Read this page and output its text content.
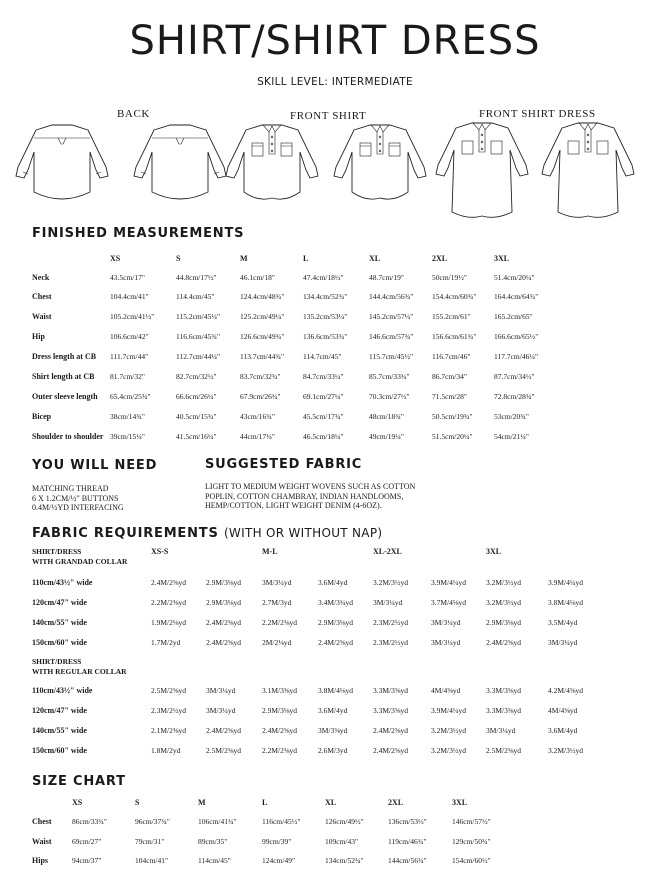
SHIRT/SHIRT DRESS
SKILL LEVEL: INTERMEDIATE
BACK	FRONT SHIRT	FRONT SHIRT DRESS
FINISHED MEASUREMENTS
XS	S	M	L	XL	2XL	3XL
Neck	43.5cm/17"	44.8cm/17½"	46.1cm/18"	47.4cm/18½"	48.7cm/19"	50cm/19½"	51.4cm/20¼"
Chest	104.4cm/41"	114.4cm/45"	124.4cm/48¾" 134.4cm/52¾"	144.4cm/56¾" 154.4cm/60¾" 164.4cm/64¾"
Waist	105.2cm/41½"	115.2cm/45¼"	125.2cm/49¼" 135.2cm/53¼"	145.2cm/57¼" 155.2cm/61"	165.2cm/65"
Hip	106.6cm/42"	116.6cm/45¾"	126.6cm/49¾" 136.6cm/53¾"	146.6cm/57¾" 156.6cm/61¾" 166.6cm/65½"
Dress length at CB 111.7cm/44"	112.7cm/44¼"	113.7cm/44¾"	114.7cm/45"	115.7cm/45½"	116.7cm/46"	117.7cm/46¼"
Shirt length at CB 81.7cm/32"	82.7cm/32½"	83.7cm/32¾"	84.7cm/33¼"	85.7cm/33¾"	86.7cm/34"	87.7cm/34½"
Outer sleeve length 65.4cm/25¾"	66.6cm/26¼"	67.9cm/26¾"	69.1cm/27¼"	70.3cm/27½"	71.5cm/28"	72.8cm/28¾"
Bicep	38cm/14¾"	40.5cm/15¾"	43cm/16¾"	45.5cm/17¾"	48cm/18¾"	50.5cm/19¾"	53cm/20¾"
Shoulder to shoulder 39cm/15¼"	41.5cm/16¼"	44cm/17¼"	46.5cm/18¼"	49cm/19¼"	51.5cm/20¼"	54cm/21¼"
YOU WILL NEED
MATCHING THREAD
6 X 1.2CM/½" BUTTONS
0.4M/½YD INTERFACING
SUGGESTED FABRIC
LIGHT TO MEDIUM WEIGHT WOVENS SUCH AS COTTON
POPLIN, COTTON CHAMBRAY, INDIAN HANDLOOMS,
HEMP/COTTON, LIGHT WEIGHT DENIM (4-6OZ).
FABRIC REQUIREMENTS (WITH OR WITHOUT NAP)
XS-S	M-L	XL-2XL	3XL
SHIRT/DRESS
WITH GRANDAD COLLAR
110cm/43½" wide	2.4M/2⅝yd	2.9M/3⅛yd	3M/3¼yd	3.6M/4yd	3.2M/3½yd	3.9M/4¼yd	3.2M/3½yd	3.9M/4¼yd
120cm/47" wide	2.2M/2⅜yd	2.9M/3⅛yd	2.7M/3yd	3.4M/3¾yd	3M/3¼yd	3.7M/4⅛yd	3.2M/3½yd	3.8M/4⅛yd
140cm/55" wide	1.9M/2⅛yd	2.4M/2⅝yd	2.2M/2⅜yd	2.9M/3⅛yd	2.3M/2½yd	3M/3¼yd	2.9M/3⅛yd	3.5M/4yd
150cm/60" wide	1.7M/2yd	2.4M/2⅝yd	2M/2⅛yd	2.4M/2⅝yd	2.3M/2½yd	3M/3¼yd	2.4M/2⅝yd	3M/3¼yd
SHIRT/DRESS
WITH REGULAR COLLAR
110cm/43½" wide	2.5M/2⅝yd	3M/3¼yd	3.1M/3⅜yd	3.8M/4⅛yd	3.3M/3⅝yd	4M/4⅜yd	3.3M/3⅝yd	4.2M/4⅝yd
120cm/47" wide	2.3M/2½yd	3M/3¼yd	2.9M/3⅛yd	3.6M/4yd	3.3M/3⅝yd	3.9M/4¼yd	3.3M/3⅝yd	4M/4⅜yd
140cm/55" wide	2.1M/2⅜yd	2.4M/2⅝yd	2.4M/2⅝yd	3M/3⅜yd	2.4M/2⅝yd	3.2M/3½yd	3M/3¼yd	3.6M/4yd
150cm/60" wide	1.8M/2yd	2.5M/2⅝yd	2.2M/2⅜yd	2.6M/3yd	2.4M/2⅝yd	3.2M/3½yd	2.5M/2⅝yd	3.2M/3½yd
SIZE CHART
XS	S	M	L	XL	2XL	3XL
Chest	86cm/33¾"	96cm/37¾"	106cm/41¾"	116cm/45½"	126cm/49½"	136cm/53½"	146cm/57½"
Waist	69cm/27"	79cm/31"	89cm/35"	99cm/39"	109cm/43"	119cm/46¾"	129cm/50¾"
Hips	94cm/37"	104cm/41"	114cm/45"	124cm/49"	134cm/52¾"	144cm/56¾"	154cm/60½"
